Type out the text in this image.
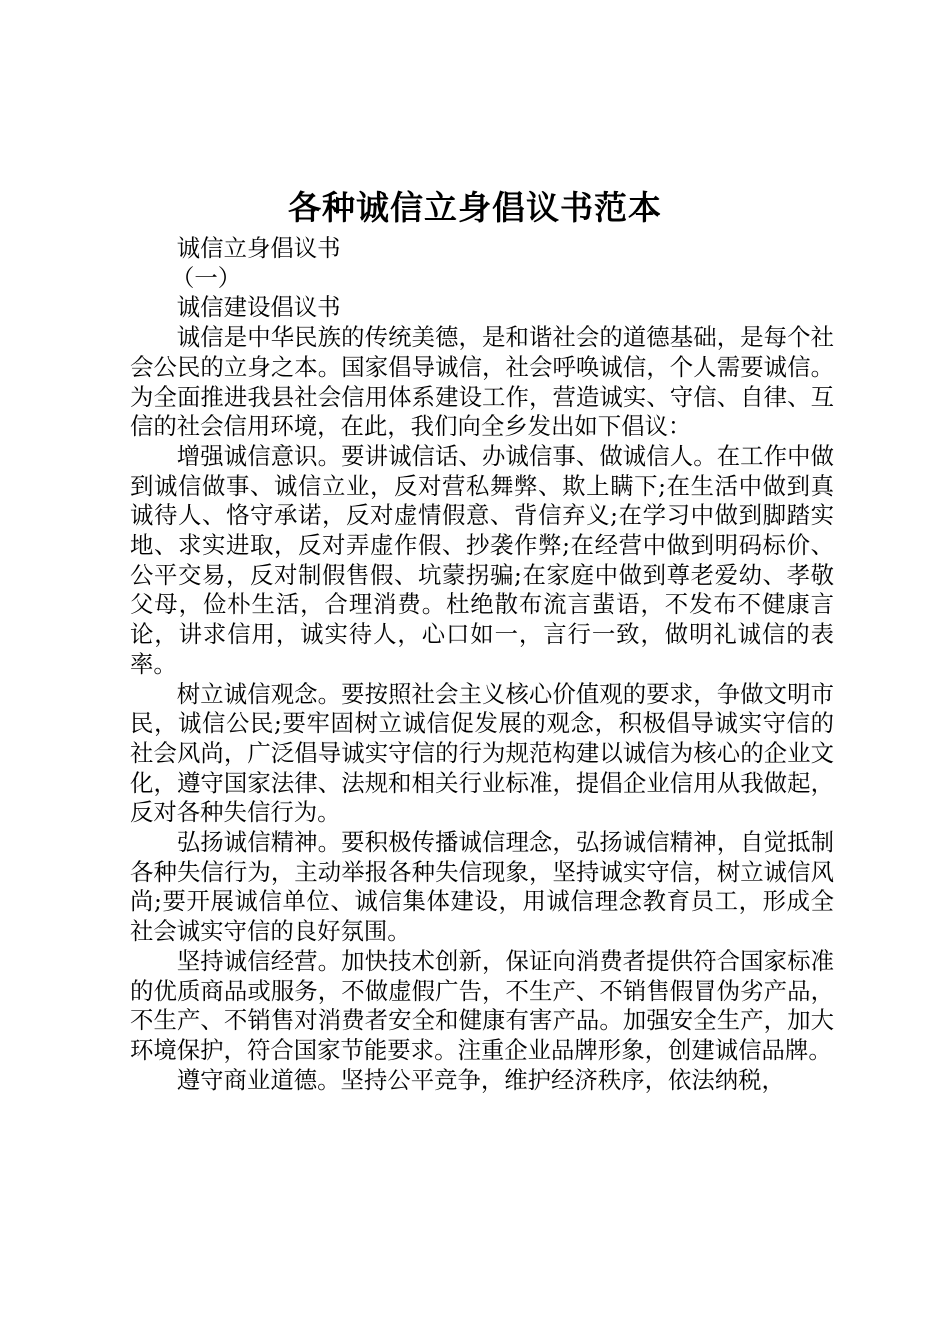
各种诚信立身倡议书范本

诚信立身倡议书

（一）

诚信建设倡议书

诚信是中华民族的传统美德，是和谐社会的道德基础，是每个社会公民的立身之本。国家倡导诚信，社会呼唤诚信，个人需要诚信。为全面推进我县社会信用体系建设工作，营造诚实、守信、自律、互信的社会信用环境，在此，我们向全乡发出如下倡议：

增强诚信意识。要讲诚信话、办诚信事、做诚信人。在工作中做到诚信做事、诚信立业，反对营私舞弊、欺上瞒下;在生活中做到真诚待人、恪守承诺，反对虚情假意、背信弃义;在学习中做到脚踏实地、求实进取，反对弄虚作假、抄袭作弊;在经营中做到明码标价、公平交易，反对制假售假、坑蒙拐骗;在家庭中做到尊老爱幼、孝敬父母，俭朴生活，合理消费。杜绝散布流言蜚语，不发布不健康言论，讲求信用，诚实待人，心口如一，言行一致，做明礼诚信的表率。

树立诚信观念。要按照社会主义核心价值观的要求，争做文明市民，诚信公民;要牢固树立诚信促发展的观念，积极倡导诚实守信的社会风尚，广泛倡导诚实守信的行为规范构建以诚信为核心的企业文化，遵守国家法律、法规和相关行业标准，提倡企业信用从我做起，反对各种失信行为。

弘扬诚信精神。要积极传播诚信理念，弘扬诚信精神，自觉抵制各种失信行为，主动举报各种失信现象，坚持诚实守信，树立诚信风尚;要开展诚信单位、诚信集体建设，用诚信理念教育员工，形成全社会诚实守信的良好氛围。

坚持诚信经营。加快技术创新，保证向消费者提供符合国家标准的优质商品或服务，不做虚假广告，不生产、不销售假冒伪劣产品，不生产、不销售对消费者安全和健康有害产品。加强安全生产，加大环境保护，符合国家节能要求。注重企业品牌形象，创建诚信品牌。

遵守商业道德。坚持公平竞争，维护经济秩序，依法纳税，
